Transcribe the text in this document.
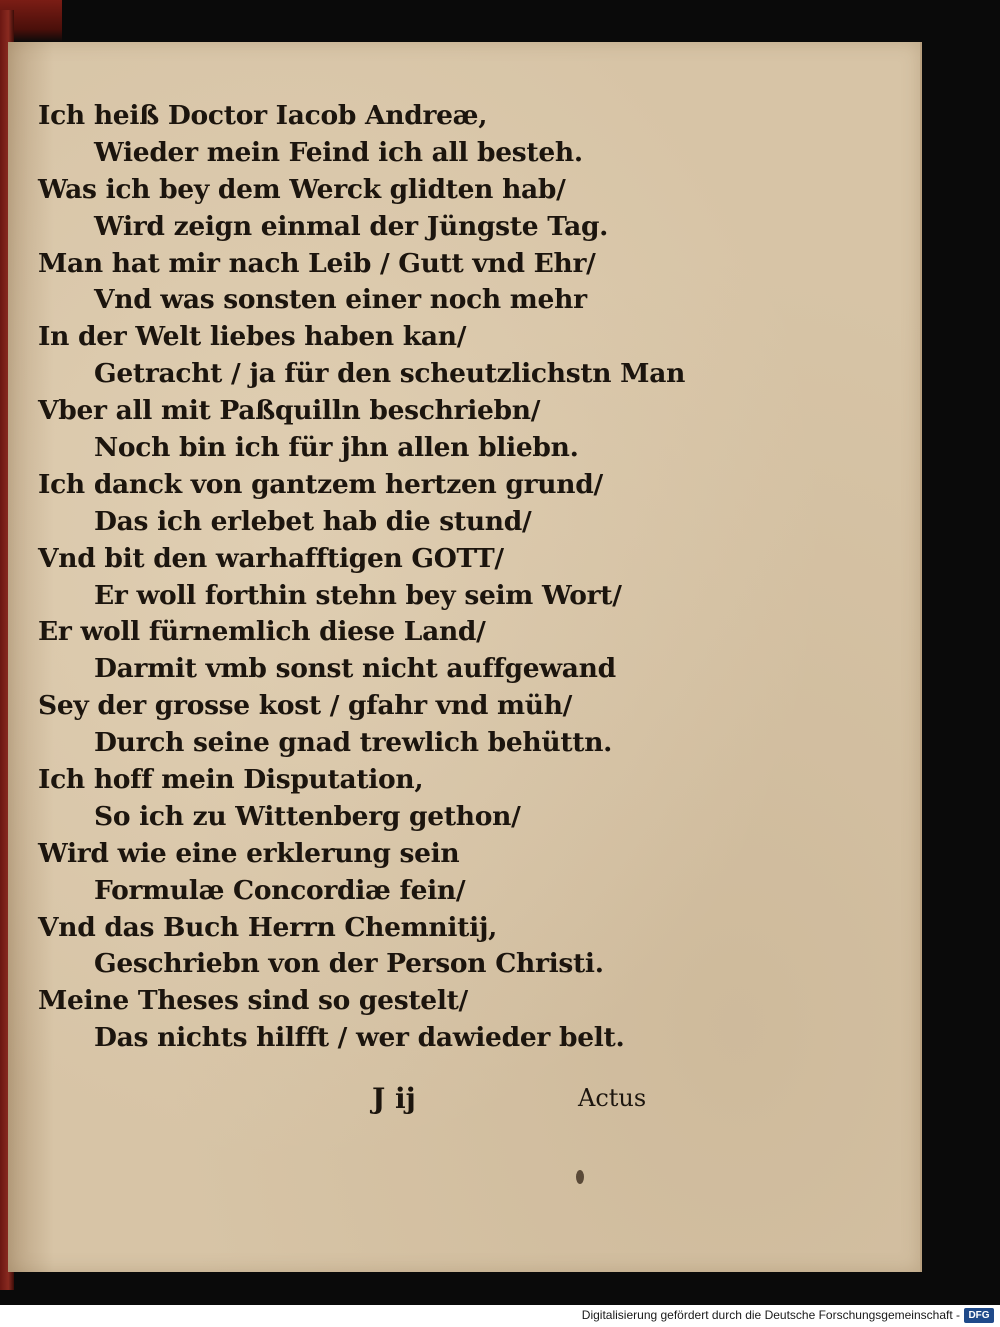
Ich heiß Doctor Iacob Andreæ,
Wieder mein Feind ich all besteh.
Was ich bey dem Werck glidten hab/
Wird zeign einmal der Jüngste Tag.
Man hat mir nach Leib / Gutt vnd Ehr/
Vnd was sonsten einer noch mehr
In der Welt liebes haben kan/
Getracht / ja für den scheutzlichstn Man
Vber all mit Paßquilln beschriebn/
Noch bin ich für jhn allen bliebn.
Ich danck von gantzem hertzen grund/
Das ich erlebet hab die stund/
Vnd bit den warhafftigen GOTT/
Er woll forthin stehn bey seim Wort/
Er woll fürnemlich diese Land/
Darmit vmb sonst nicht auffgewand
Sey der grosse kost / gfahr vnd müh/
Durch seine gnad trewlich behüttn.
Ich hoff mein Disputation,
So ich zu Wittenberg gethon/
Wird wie eine erklerung sein
Formulæ Concordiæ fein/
Vnd das Buch Herrn Chemnitij,
Geschriebn von der Person Christi.
Meine Theses sind so gestelt/
Das nichts hilfft / wer dawieder belt.
J ij	Actus
Digitalisierung gefördert durch die Deutsche Forschungsgemeinschaft - DFG
